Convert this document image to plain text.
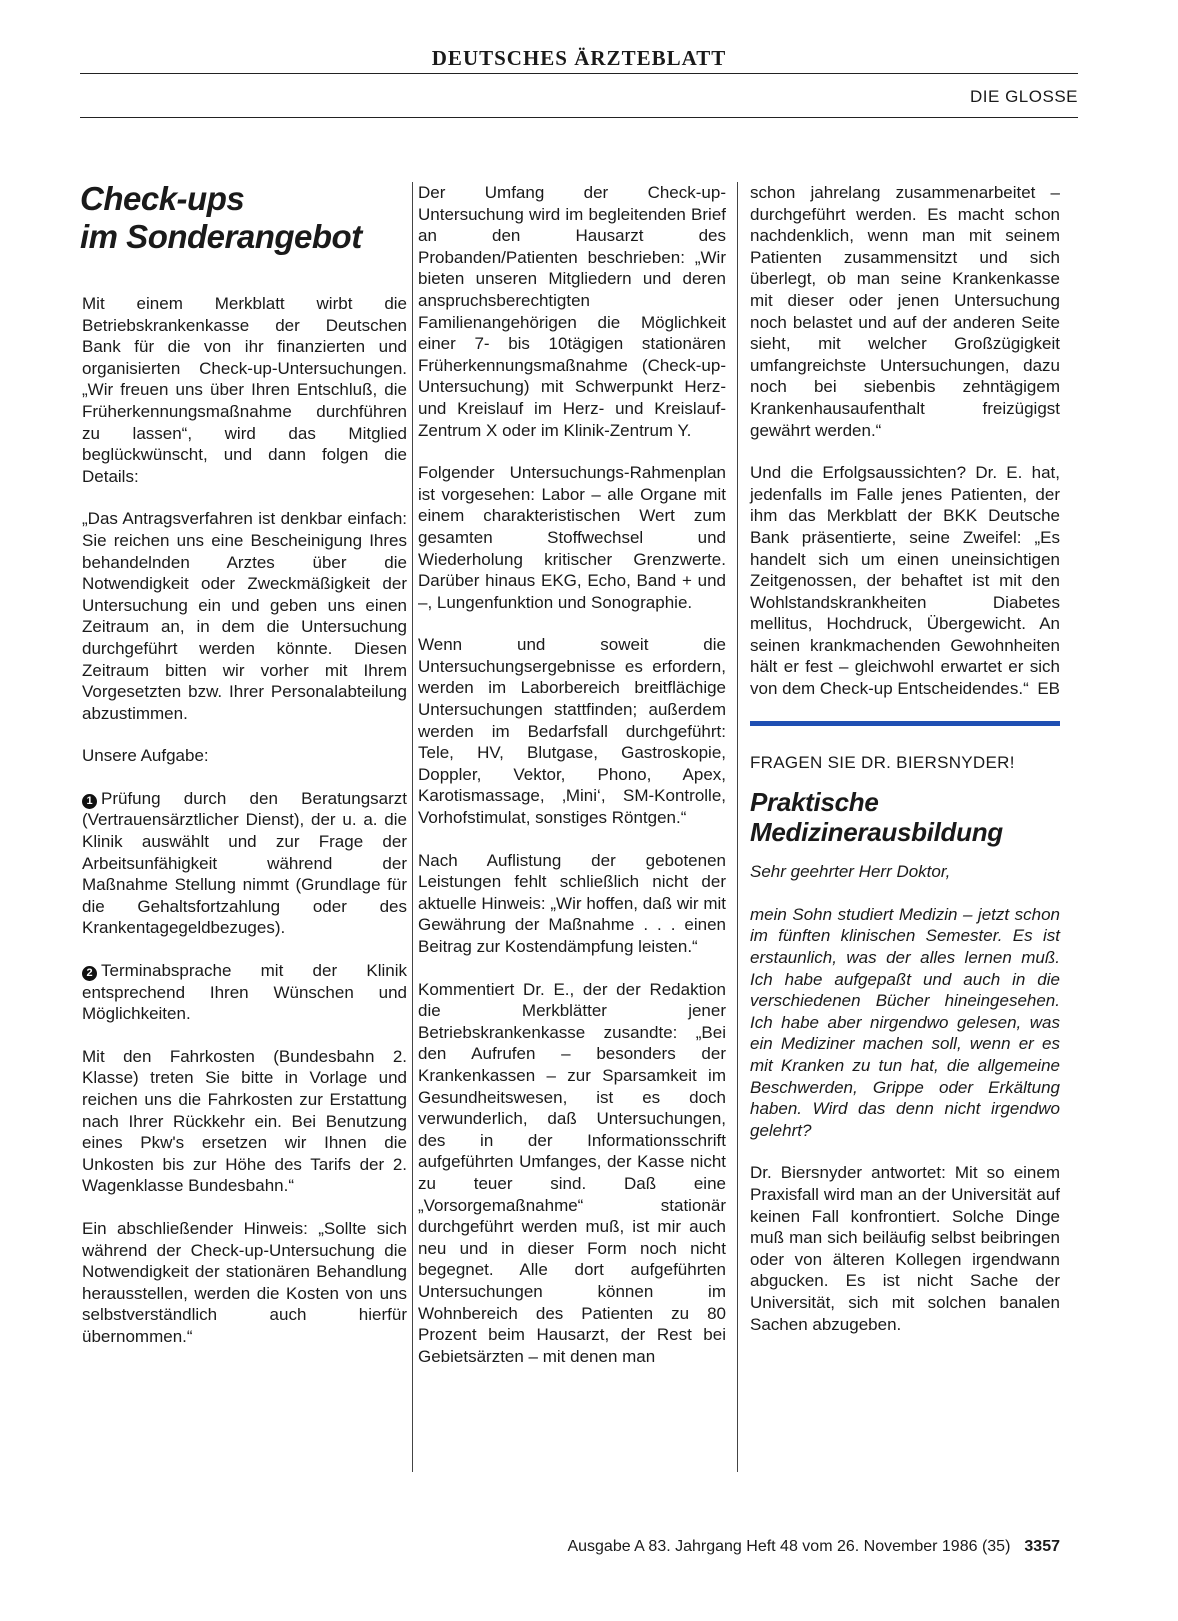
DEUTSCHES ÄRZTEBLATT
DIE GLOSSE
Check-ups
im Sonderangebot

Mit einem Merkblatt wirbt die Betriebskrankenkasse der Deutschen Bank für die von ihr finanzierten und organisierten Check-up-Untersuchungen. „Wir freuen uns über Ihren Entschluß, die Früherkennungsmaßnahme durchführen zu lassen“, wird das Mitglied beglückwünscht, und dann folgen die Details:

„Das Antragsverfahren ist denkbar einfach: Sie reichen uns eine Bescheinigung Ihres behandelnden Arztes über die Notwendigkeit oder Zweckmäßigkeit der Untersuchung ein und geben uns einen Zeitraum an, in dem die Untersuchung durchgeführt werden könnte. Diesen Zeitraum bitten wir vorher mit Ihrem Vorgesetzten bzw. Ihrer Personalabteilung abzustimmen.

Unsere Aufgabe:

1 Prüfung durch den Beratungsarzt (Vertrauensärztlicher Dienst), der u. a. die Klinik auswählt und zur Frage der Arbeitsunfähigkeit während der Maßnahme Stellung nimmt (Grundlage für die Gehaltsfortzahlung oder des Krankentagegeldbezuges).

2 Terminabsprache mit der Klinik entsprechend Ihren Wünschen und Möglichkeiten.

Mit den Fahrkosten (Bundesbahn 2. Klasse) treten Sie bitte in Vorlage und reichen uns die Fahrkosten zur Erstattung nach Ihrer Rückkehr ein. Bei Benutzung eines Pkw's ersetzen wir Ihnen die Unkosten bis zur Höhe des Tarifs der 2. Wagenklasse Bundesbahn.“

Ein abschließender Hinweis: „Sollte sich während der Check-up-Untersuchung die Notwendigkeit der stationären Behandlung herausstellen, werden die Kosten von uns selbstverständlich auch hierfür übernommen.“

Der Umfang der Check-up-Untersuchung wird im begleitenden Brief an den Hausarzt des Probanden/Patienten beschrieben: „Wir bieten unseren Mitgliedern und deren anspruchsberechtigten Familienangehörigen die Möglichkeit einer 7- bis 10tägigen stationären Früherkennungsmaßnahme (Check-up-Untersuchung) mit Schwerpunkt Herz- und Kreislauf im Herz- und Kreislauf-Zentrum X oder im Klinik-Zentrum Y.

Folgender Untersuchungs-Rahmenplan ist vorgesehen: Labor – alle Organe mit einem charakteristischen Wert zum gesamten Stoffwechsel und Wiederholung kritischer Grenzwerte. Darüber hinaus EKG, Echo, Band + und –, Lungenfunktion und Sonographie.

Wenn und soweit die Untersuchungsergebnisse es erfordern, werden im Laborbereich breitflächige Untersuchungen stattfinden; außerdem werden im Bedarfsfall durchgeführt: Tele, HV, Blutgase, Gastroskopie, Doppler, Vektor, Phono, Apex, Karotismassage, ‚Mini‘, SM-Kontrolle, Vorhofstimulat, sonstiges Röntgen.“

Nach Auflistung der gebotenen Leistungen fehlt schließlich nicht der aktuelle Hinweis: „Wir hoffen, daß wir mit Gewährung der Maßnahme . . . einen Beitrag zur Kostendämpfung leisten.“

Kommentiert Dr. E., der der Redaktion die Merkblätter jener Betriebskrankenkasse zusandte: „Bei den Aufrufen – besonders der Krankenkassen – zur Sparsamkeit im Gesundheitswesen, ist es doch verwunderlich, daß Untersuchungen, des in der Informationsschrift aufgeführten Umfanges, der Kasse nicht zu teuer sind. Daß eine „Vorsorgemaßnahme“ stationär durchgeführt werden muß, ist mir auch neu und in dieser Form noch nicht begegnet. Alle dort aufgeführten Untersuchungen können im Wohnbereich des Patienten zu 80 Prozent beim Hausarzt, der Rest bei Gebietsärzten – mit denen man

schon jahrelang zusammenarbeitet – durchgeführt werden. Es macht schon nachdenklich, wenn man mit seinem Patienten zusammensitzt und sich überlegt, ob man seine Krankenkasse mit dieser oder jenen Untersuchung noch belastet und auf der anderen Seite sieht, mit welcher Großzügigkeit umfangreichste Untersuchungen, dazu noch bei siebenbis zehntägigem Krankenhausaufenthalt freizügigst gewährt werden.“

Und die Erfolgsaussichten? Dr. E. hat, jedenfalls im Falle jenes Patienten, der ihm das Merkblatt der BKK Deutsche Bank präsentierte, seine Zweifel: „Es handelt sich um einen uneinsichtigen Zeitgenossen, der behaftet ist mit den Wohlstandskrankheiten Diabetes mellitus, Hochdruck, Übergewicht. An seinen krankmachenden Gewohnheiten hält er fest – gleichwohl erwartet er sich von dem Check-up Entscheidendes.“ EB

FRAGEN SIE DR. BIERSNYDER!
Praktische
Medizinerausbildung

Sehr geehrter Herr Doktor,

mein Sohn studiert Medizin – jetzt schon im fünften klinischen Semester. Es ist erstaunlich, was der alles lernen muß. Ich habe aufgepaßt und auch in die verschiedenen Bücher hineingesehen. Ich habe aber nirgendwo gelesen, was ein Mediziner machen soll, wenn er es mit Kranken zu tun hat, die allgemeine Beschwerden, Grippe oder Erkältung haben. Wird das denn nicht irgendwo gelehrt?

Dr. Biersnyder antwortet: Mit so einem Praxisfall wird man an der Universität auf keinen Fall konfrontiert. Solche Dinge muß man sich beiläufig selbst beibringen oder von älteren Kollegen irgendwann abgucken. Es ist nicht Sache der Universität, sich mit solchen banalen Sachen abzugeben.

Ausgabe A 83. Jahrgang Heft 48 vom 26. November 1986 (35) 3357
